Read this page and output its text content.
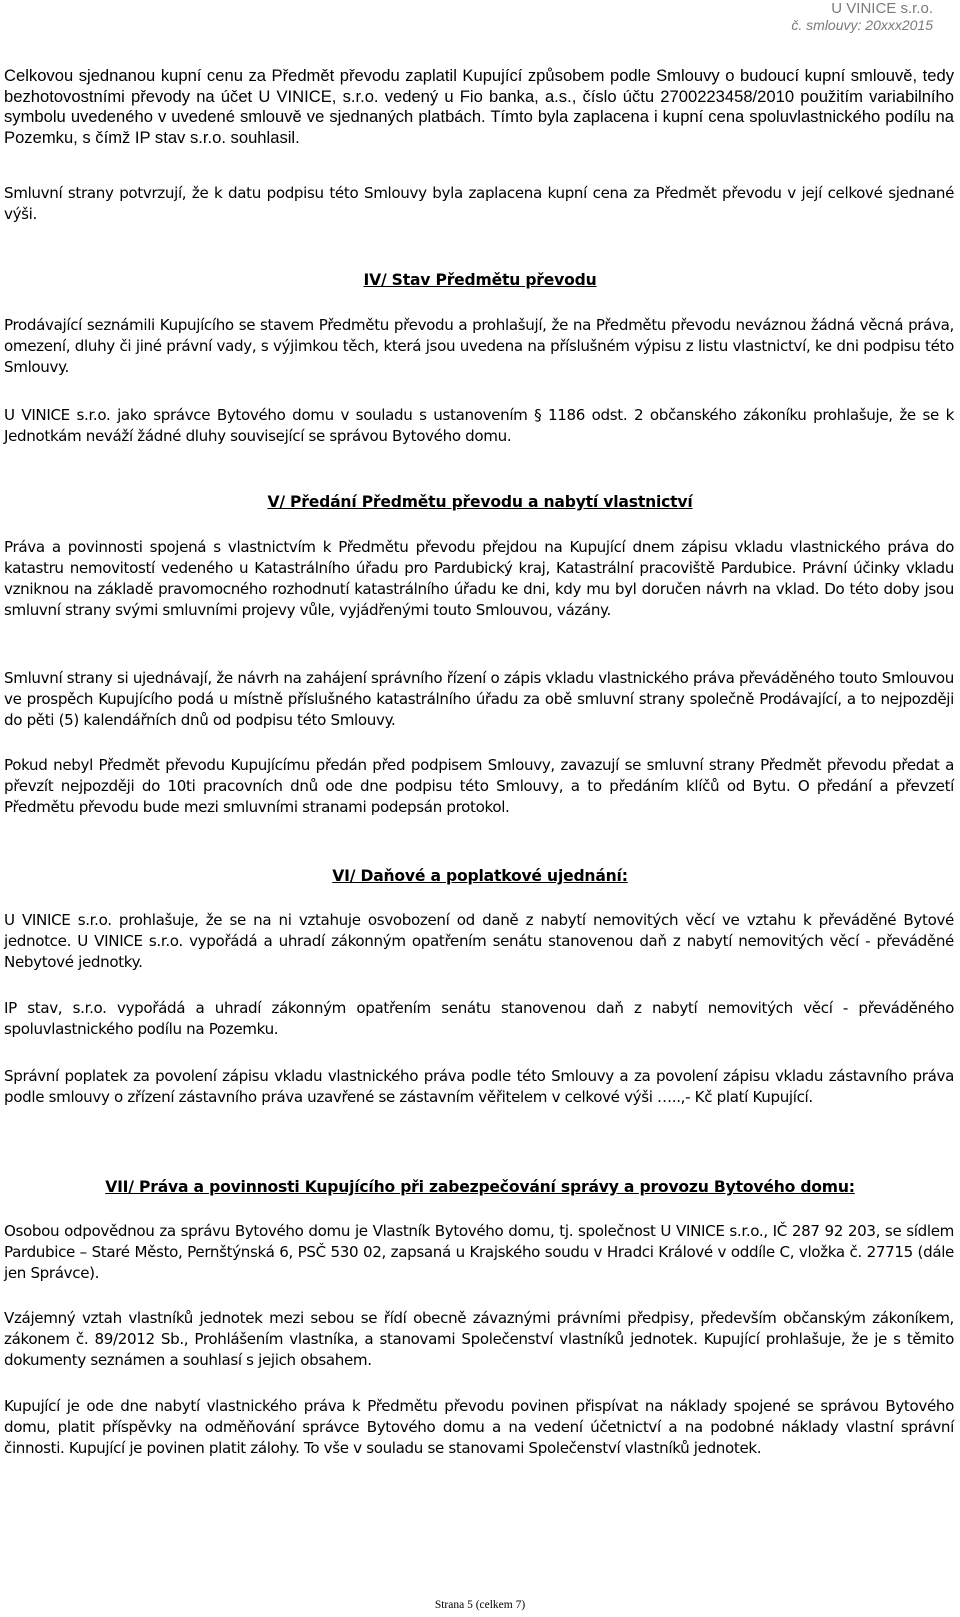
U VINICE s.r.o.
č. smlouvy: 20xxx2015

Celkovou sjednanou kupní cenu za Předmět převodu zaplatil Kupující způsobem podle Smlouvy o budoucí kupní smlouvě, tedy bezhotovostními převody na účet U VINICE, s.r.o. vedený u Fio banka, a.s., číslo účtu 2700223458/2010 použitím variabilního symbolu uvedeného v uvedené smlouvě ve sjednaných platbách. Tímto byla zaplacena i kupní cena spoluvlastnického podílu na Pozemku, s čímž IP stav s.r.o. souhlasil.

Smluvní strany potvrzují, že k datu podpisu této Smlouvy byla zaplacena kupní cena za Předmět převodu v její celkové sjednané výši.

IV/ Stav Předmětu převodu

Prodávající seznámili Kupujícího se stavem Předmětu převodu a prohlašují, že na Předmětu převodu neváznou žádná věcná práva, omezení, dluhy či jiné právní vady, s výjimkou těch, která jsou uvedena na příslušném výpisu z listu vlastnictví, ke dni podpisu této Smlouvy.

U VINICE s.r.o. jako správce Bytového domu v souladu s ustanovením § 1186 odst. 2 občanského zákoníku prohlašuje, že se k Jednotkám neváží žádné dluhy související se správou Bytového domu.

V/ Předání Předmětu převodu a nabytí vlastnictví

Práva a povinnosti spojená s vlastnictvím k Předmětu převodu přejdou na Kupující dnem zápisu vkladu vlastnického práva do katastru nemovitostí vedeného u Katastrálního úřadu pro Pardubický kraj, Katastrální pracoviště Pardubice. Právní účinky vkladu vzniknou na základě pravomocného rozhodnutí katastrálního úřadu ke dni, kdy mu byl doručen návrh na vklad. Do této doby jsou smluvní strany svými smluvními projevy vůle, vyjádřenými touto Smlouvou, vázány.

Smluvní strany si ujednávají, že návrh na zahájení správního řízení o zápis vkladu vlastnického práva převáděného touto Smlouvou ve prospěch Kupujícího podá u místně příslušného katastrálního úřadu za obě smluvní strany společně Prodávající, a to nejpozději do pěti (5) kalendářních dnů od podpisu této Smlouvy.

Pokud nebyl Předmět převodu Kupujícímu předán před podpisem Smlouvy, zavazují se smluvní strany Předmět převodu předat a převzít nejpozději do 10ti pracovních dnů ode dne podpisu této Smlouvy, a to předáním klíčů od Bytu. O předání a převzetí Předmětu převodu bude mezi smluvními stranami podepsán protokol.

VI/ Daňové a poplatkové ujednání:

U VINICE s.r.o. prohlašuje, že se na ni vztahuje osvobození od daně z nabytí nemovitých věcí ve vztahu k převáděné Bytové jednotce. U VINICE s.r.o. vypořádá a uhradí zákonným opatřením senátu stanovenou daň z nabytí nemovitých věcí - převáděné Nebytové jednotky.

IP stav, s.r.o. vypořádá a uhradí zákonným opatřením senátu stanovenou daň z nabytí nemovitých věcí - převáděného spoluvlastnického podílu na Pozemku.

Správní poplatek za povolení zápisu vkladu vlastnického práva podle této Smlouvy a za povolení zápisu vkladu zástavního práva podle smlouvy o zřízení zástavního práva uzavřené se zástavním věřitelem v celkové výši …..,- Kč platí Kupující.

VII/ Práva a povinnosti Kupujícího při zabezpečování správy a provozu Bytového domu:

Osobou odpovědnou za správu Bytového domu je Vlastník Bytového domu, tj. společnost U VINICE s.r.o., IČ 287 92 203, se sídlem Pardubice – Staré Město, Pernštýnská 6, PSČ 530 02, zapsaná u Krajského soudu v Hradci Králové v oddíle C, vložka č. 27715 (dále jen Správce).

Vzájemný vztah vlastníků jednotek mezi sebou se řídí obecně závaznými právními předpisy, především občanským zákoníkem, zákonem č. 89/2012 Sb., Prohlášením vlastníka, a stanovami Společenství vlastníků jednotek. Kupující prohlašuje, že je s těmito dokumenty seznámen a souhlasí s jejich obsahem.

Kupující je ode dne nabytí vlastnického práva k Předmětu převodu povinen přispívat na náklady spojené se správou Bytového domu, platit příspěvky na odměňování správce Bytového domu a na vedení účetnictví a na podobné náklady vlastní správní činnosti. Kupující je povinen platit zálohy. To vše v souladu se stanovami Společenství vlastníků jednotek.

Strana 5 (celkem 7)
